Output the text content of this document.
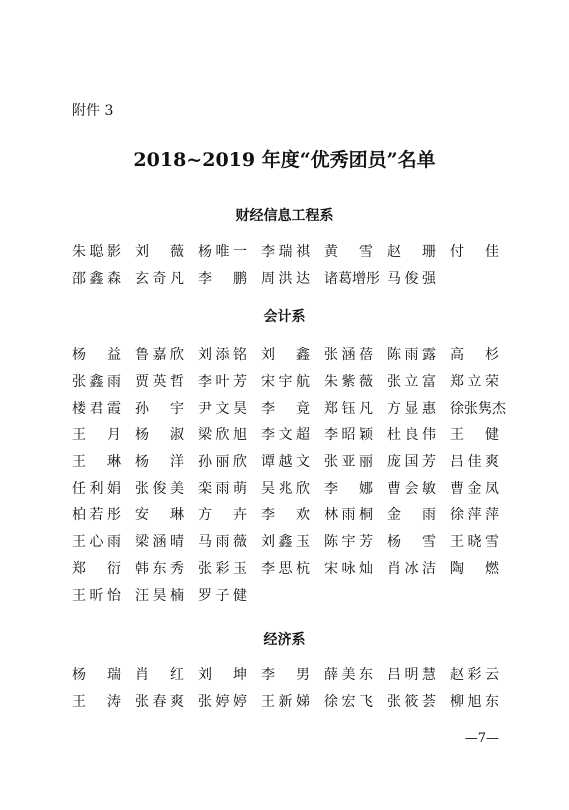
附件 3
2018~2019 年度“优秀团员”名单
财经信息工程系
朱聪影	刘薇	杨唯一	李瑞祺	黄雪	赵珊	付佳
邵鑫森	玄奇凡	李鹏	周洪达	诸葛增彤 马俊强
会计系
杨益	鲁嘉欣	刘添铭	刘鑫	张涵蓓	陈雨露	高杉
张鑫雨	贾英哲	李叶芳	宋宇航	朱紫薇	张立富	郑立荣
楼君霞	孙宇	尹文昊	李竟	郑钰凡	方显惠	徐张隽杰
王月	杨淑	梁欣旭	李文超	李昭颖	杜良伟	王健
王琳	杨洋	孙丽欣	谭越文	张亚丽	庞国芳	吕佳爽
任利娟	张俊美	栾雨萌	吴兆欣	李娜	曹会敏	曹金凤
柏若彤	安琳	方卉	李欢	林雨桐	金雨	徐萍萍
王心雨	梁涵晴	马雨薇	刘鑫玉	陈宇芳	杨雪	王晓雪
郑衍	韩东秀	张彩玉	李思杭	宋咏灿	肖冰洁	陶燃
王昕怡	汪昊楠	罗子健
经济系
杨瑞	肖红	刘坤	李男	薛美东	吕明慧	赵彩云
王涛	张春爽	张婷婷	王新娣	徐宏飞	张筱荟	柳旭东
—7—
